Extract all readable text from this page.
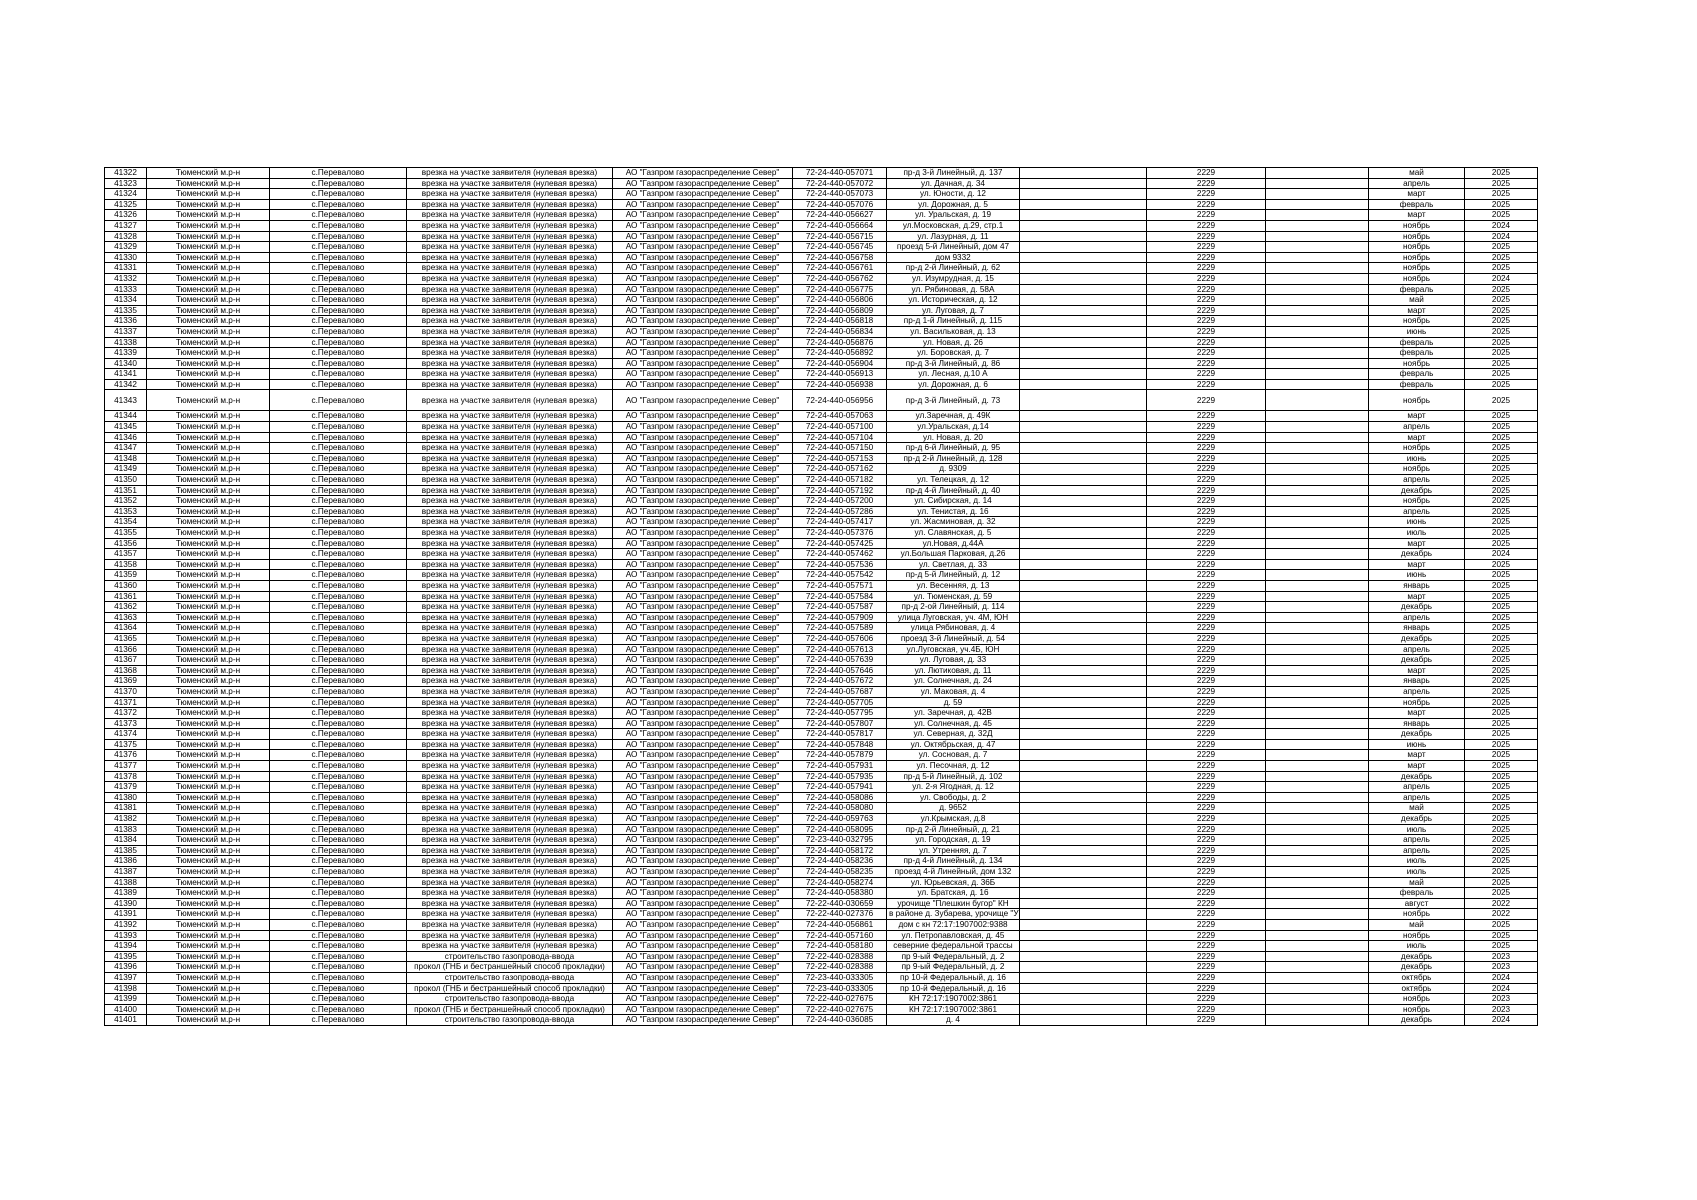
41322	Тюменский м.р-н	с.Перевалово	врезка на участке заявителя (нулевая врезка)	АО "Газпром газораспределение Север"	72-24-440-057071	пр-д 3-й Линейный, д. 137		2229		май	2025
41323	Тюменский м.р-н	с.Перевалово	врезка на участке заявителя (нулевая врезка)	АО "Газпром газораспределение Север"	72-24-440-057072	ул. Дачная, д. 34		2229		апрель	2025
41324	Тюменский м.р-н	с.Перевалово	врезка на участке заявителя (нулевая врезка)	АО "Газпром газораспределение Север"	72-24-440-057073	ул. Юности, д. 12		2229		март	2025
41325	Тюменский м.р-н	с.Перевалово	врезка на участке заявителя (нулевая врезка)	АО "Газпром газораспределение Север"	72-24-440-057076	ул. Дорожная, д. 5		2229		февраль	2025
41326	Тюменский м.р-н	с.Перевалово	врезка на участке заявителя (нулевая врезка)	АО "Газпром газораспределение Север"	72-24-440-056627	ул. Уральская, д. 19		2229		март	2025
41327	Тюменский м.р-н	с.Перевалово	врезка на участке заявителя (нулевая врезка)	АО "Газпром газораспределение Север"	72-24-440-056664	ул.Московская, д.29, стр.1		2229		ноябрь	2024
41328	Тюменский м.р-н	с.Перевалово	врезка на участке заявителя (нулевая врезка)	АО "Газпром газораспределение Север"	72-24-440-056715	ул. Лазурная, д. 11		2229		ноябрь	2024
41329	Тюменский м.р-н	с.Перевалово	врезка на участке заявителя (нулевая врезка)	АО "Газпром газораспределение Север"	72-24-440-056745	проезд 5-й Линейный, дом 47		2229		ноябрь	2025
41330	Тюменский м.р-н	с.Перевалово	врезка на участке заявителя (нулевая врезка)	АО "Газпром газораспределение Север"	72-24-440-056758	дом 9332		2229		ноябрь	2025
41331	Тюменский м.р-н	с.Перевалово	врезка на участке заявителя (нулевая врезка)	АО "Газпром газораспределение Север"	72-24-440-056761	пр-д 2-й Линейный, д. 62		2229		ноябрь	2025
41332	Тюменский м.р-н	с.Перевалово	врезка на участке заявителя (нулевая врезка)	АО "Газпром газораспределение Север"	72-24-440-056762	ул. Изумрудная, д. 15		2229		ноябрь	2024
41333	Тюменский м.р-н	с.Перевалово	врезка на участке заявителя (нулевая врезка)	АО "Газпром газораспределение Север"	72-24-440-056775	ул. Рябиновая, д. 58А		2229		февраль	2025
41334	Тюменский м.р-н	с.Перевалово	врезка на участке заявителя (нулевая врезка)	АО "Газпром газораспределение Север"	72-24-440-056806	ул. Историческая, д. 12		2229		май	2025
41335	Тюменский м.р-н	с.Перевалово	врезка на участке заявителя (нулевая врезка)	АО "Газпром газораспределение Север"	72-24-440-056809	ул. Луговая, д. 7		2229		март	2025
41336	Тюменский м.р-н	с.Перевалово	врезка на участке заявителя (нулевая врезка)	АО "Газпром газораспределение Север"	72-24-440-056818	пр-д 1-й Линейный, д. 115		2229		ноябрь	2025
41337	Тюменский м.р-н	с.Перевалово	врезка на участке заявителя (нулевая врезка)	АО "Газпром газораспределение Север"	72-24-440-056834	ул. Васильковая, д. 13		2229		июнь	2025
41338	Тюменский м.р-н	с.Перевалово	врезка на участке заявителя (нулевая врезка)	АО "Газпром газораспределение Север"	72-24-440-056876	ул. Новая, д. 26		2229		февраль	2025
41339	Тюменский м.р-н	с.Перевалово	врезка на участке заявителя (нулевая врезка)	АО "Газпром газораспределение Север"	72-24-440-056892	ул. Боровская, д. 7		2229		февраль	2025
41340	Тюменский м.р-н	с.Перевалово	врезка на участке заявителя (нулевая врезка)	АО "Газпром газораспределение Север"	72-24-440-056904	пр-д 3-й Линейный, д. 86		2229		ноябрь	2025
41341	Тюменский м.р-н	с.Перевалово	врезка на участке заявителя (нулевая врезка)	АО "Газпром газораспределение Север"	72-24-440-056913	ул. Лесная, д.10 А		2229		февраль	2025
41342	Тюменский м.р-н	с.Перевалово	врезка на участке заявителя (нулевая врезка)	АО "Газпром газораспределение Север"	72-24-440-056938	ул. Дорожная, д. 6		2229		февраль	2025
41343	Тюменский м.р-н	с.Перевалово	врезка на участке заявителя (нулевая врезка)	АО "Газпром газораспределение Север"	72-24-440-056956	пр-д 3-й Линейный, д. 73		2229		ноябрь	2025
41344	Тюменский м.р-н	с.Перевалово	врезка на участке заявителя (нулевая врезка)	АО "Газпром газораспределение Север"	72-24-440-057063	ул.Заречная, д. 49К		2229		март	2025
41345	Тюменский м.р-н	с.Перевалово	врезка на участке заявителя (нулевая врезка)	АО "Газпром газораспределение Север"	72-24-440-057100	ул.Уральская, д.14		2229		апрель	2025
41346	Тюменский м.р-н	с.Перевалово	врезка на участке заявителя (нулевая врезка)	АО "Газпром газораспределение Север"	72-24-440-057104	ул. Новая, д. 20		2229		март	2025
41347	Тюменский м.р-н	с.Перевалово	врезка на участке заявителя (нулевая врезка)	АО "Газпром газораспределение Север"	72-24-440-057150	пр-д 6-й Линейный, д. 95		2229		ноябрь	2025
41348	Тюменский м.р-н	с.Перевалово	врезка на участке заявителя (нулевая врезка)	АО "Газпром газораспределение Север"	72-24-440-057153	пр-д 2-й Линейный, д. 128		2229		июнь	2025
41349	Тюменский м.р-н	с.Перевалово	врезка на участке заявителя (нулевая врезка)	АО "Газпром газораспределение Север"	72-24-440-057162	д. 9309		2229		ноябрь	2025
41350	Тюменский м.р-н	с.Перевалово	врезка на участке заявителя (нулевая врезка)	АО "Газпром газораспределение Север"	72-24-440-057182	ул. Телецкая, д. 12		2229		апрель	2025
41351	Тюменский м.р-н	с.Перевалово	врезка на участке заявителя (нулевая врезка)	АО "Газпром газораспределение Север"	72-24-440-057192	пр-д 4-й Линейный, д. 40		2229		декабрь	2025
41352	Тюменский м.р-н	с.Перевалово	врезка на участке заявителя (нулевая врезка)	АО "Газпром газораспределение Север"	72-24-440-057200	ул. Сибирская, д. 14		2229		ноябрь	2025
41353	Тюменский м.р-н	с.Перевалово	врезка на участке заявителя (нулевая врезка)	АО "Газпром газораспределение Север"	72-24-440-057286	ул. Тенистая, д. 16		2229		апрель	2025
41354	Тюменский м.р-н	с.Перевалово	врезка на участке заявителя (нулевая врезка)	АО "Газпром газораспределение Север"	72-24-440-057417	ул. Жасминовая, д. 32		2229		июнь	2025
41355	Тюменский м.р-н	с.Перевалово	врезка на участке заявителя (нулевая врезка)	АО "Газпром газораспределение Север"	72-24-440-057376	ул. Славянская, д. 5		2229		июль	2025
41356	Тюменский м.р-н	с.Перевалово	врезка на участке заявителя (нулевая врезка)	АО "Газпром газораспределение Север"	72-24-440-057425	ул.Новая, д.44А		2229		март	2025
41357	Тюменский м.р-н	с.Перевалово	врезка на участке заявителя (нулевая врезка)	АО "Газпром газораспределение Север"	72-24-440-057462	ул.Большая Парковая, д.26		2229		декабрь	2024
41358	Тюменский м.р-н	с.Перевалово	врезка на участке заявителя (нулевая врезка)	АО "Газпром газораспределение Север"	72-24-440-057536	ул. Светлая, д. 33		2229		март	2025
41359	Тюменский м.р-н	с.Перевалово	врезка на участке заявителя (нулевая врезка)	АО "Газпром газораспределение Север"	72-24-440-057542	пр-д 5-й Линейный, д. 12		2229		июнь	2025
41360	Тюменский м.р-н	с.Перевалово	врезка на участке заявителя (нулевая врезка)	АО "Газпром газораспределение Север"	72-24-440-057571	ул. Весенняя, д. 13		2229		январь	2025
41361	Тюменский м.р-н	с.Перевалово	врезка на участке заявителя (нулевая врезка)	АО "Газпром газораспределение Север"	72-24-440-057584	ул. Тюменская, д. 59		2229		март	2025
41362	Тюменский м.р-н	с.Перевалово	врезка на участке заявителя (нулевая врезка)	АО "Газпром газораспределение Север"	72-24-440-057587	пр-д 2-ой Линейный, д. 114		2229		декабрь	2025
41363	Тюменский м.р-н	с.Перевалово	врезка на участке заявителя (нулевая врезка)	АО "Газпром газораспределение Север"	72-24-440-057909	улица Луговская, уч. 4М, ЮН		2229		апрель	2025
41364	Тюменский м.р-н	с.Перевалово	врезка на участке заявителя (нулевая врезка)	АО "Газпром газораспределение Север"	72-24-440-057589	улица Рябиновая, д. 4		2229		январь	2025
41365	Тюменский м.р-н	с.Перевалово	врезка на участке заявителя (нулевая врезка)	АО "Газпром газораспределение Север"	72-24-440-057606	проезд 3-й Линейный, д. 54		2229		декабрь	2025
41366	Тюменский м.р-н	с.Перевалово	врезка на участке заявителя (нулевая врезка)	АО "Газпром газораспределение Север"	72-24-440-057613	ул.Луговская, уч.4Б, ЮН		2229		апрель	2025
41367	Тюменский м.р-н	с.Перевалово	врезка на участке заявителя (нулевая врезка)	АО "Газпром газораспределение Север"	72-24-440-057639	ул. Луговая, д. 33		2229		декабрь	2025
41368	Тюменский м.р-н	с.Перевалово	врезка на участке заявителя (нулевая врезка)	АО "Газпром газораспределение Север"	72-24-440-057646	ул. Лютиковая, д. 11		2229		март	2025
41369	Тюменский м.р-н	с.Перевалово	врезка на участке заявителя (нулевая врезка)	АО "Газпром газораспределение Север"	72-24-440-057672	ул. Солнечная, д. 24		2229		январь	2025
41370	Тюменский м.р-н	с.Перевалово	врезка на участке заявителя (нулевая врезка)	АО "Газпром газораспределение Север"	72-24-440-057687	ул. Маковая, д. 4		2229		апрель	2025
41371	Тюменский м.р-н	с.Перевалово	врезка на участке заявителя (нулевая врезка)	АО "Газпром газораспределение Север"	72-24-440-057705	д. 59		2229		ноябрь	2025
41372	Тюменский м.р-н	с.Перевалово	врезка на участке заявителя (нулевая врезка)	АО "Газпром газораспределение Север"	72-24-440-057795	ул. Заречная, д. 42В		2229		март	2025
41373	Тюменский м.р-н	с.Перевалово	врезка на участке заявителя (нулевая врезка)	АО "Газпром газораспределение Север"	72-24-440-057807	ул. Солнечная, д. 45		2229		январь	2025
41374	Тюменский м.р-н	с.Перевалово	врезка на участке заявителя (нулевая врезка)	АО "Газпром газораспределение Север"	72-24-440-057817	ул. Северная, д. 32Д		2229		декабрь	2025
41375	Тюменский м.р-н	с.Перевалово	врезка на участке заявителя (нулевая врезка)	АО "Газпром газораспределение Север"	72-24-440-057848	ул. Октябрьская, д. 47		2229		июнь	2025
41376	Тюменский м.р-н	с.Перевалово	врезка на участке заявителя (нулевая врезка)	АО "Газпром газораспределение Север"	72-24-440-057879	ул. Сосновая, д. 7		2229		март	2025
41377	Тюменский м.р-н	с.Перевалово	врезка на участке заявителя (нулевая врезка)	АО "Газпром газораспределение Север"	72-24-440-057931	ул. Песочная, д. 12		2229		март	2025
41378	Тюменский м.р-н	с.Перевалово	врезка на участке заявителя (нулевая врезка)	АО "Газпром газораспределение Север"	72-24-440-057935	пр-д 5-й Линейный, д. 102		2229		декабрь	2025
41379	Тюменский м.р-н	с.Перевалово	врезка на участке заявителя (нулевая врезка)	АО "Газпром газораспределение Север"	72-24-440-057941	ул. 2-я Ягодная, д. 12		2229		апрель	2025
41380	Тюменский м.р-н	с.Перевалово	врезка на участке заявителя (нулевая врезка)	АО "Газпром газораспределение Север"	72-24-440-058086	ул. Свободы, д. 2		2229		апрель	2025
41381	Тюменский м.р-н	с.Перевалово	врезка на участке заявителя (нулевая врезка)	АО "Газпром газораспределение Север"	72-24-440-058080	д. 9652		2229		май	2025
41382	Тюменский м.р-н	с.Перевалово	врезка на участке заявителя (нулевая врезка)	АО "Газпром газораспределение Север"	72-24-440-059763	ул.Крымская, д.8		2229		декабрь	2025
41383	Тюменский м.р-н	с.Перевалово	врезка на участке заявителя (нулевая врезка)	АО "Газпром газораспределение Север"	72-24-440-058095	пр-д 2-й Линейный, д. 21		2229		июль	2025
41384	Тюменский м.р-н	с.Перевалово	врезка на участке заявителя (нулевая врезка)	АО "Газпром газораспределение Север"	72-23-440-032795	ул. Городская, д. 19		2229		апрель	2025
41385	Тюменский м.р-н	с.Перевалово	врезка на участке заявителя (нулевая врезка)	АО "Газпром газораспределение Север"	72-24-440-058172	ул. Утренняя, д. 7		2229		апрель	2025
41386	Тюменский м.р-н	с.Перевалово	врезка на участке заявителя (нулевая врезка)	АО "Газпром газораспределение Север"	72-24-440-058236	пр-д 4-й Линейный, д. 134		2229		июль	2025
41387	Тюменский м.р-н	с.Перевалово	врезка на участке заявителя (нулевая врезка)	АО "Газпром газораспределение Север"	72-24-440-058235	проезд 4-й Линейный, дом 132		2229		июль	2025
41388	Тюменский м.р-н	с.Перевалово	врезка на участке заявителя (нулевая врезка)	АО "Газпром газораспределение Север"	72-24-440-058274	ул. Юрьевская, д. 36Б		2229		май	2025
41389	Тюменский м.р-н	с.Перевалово	врезка на участке заявителя (нулевая врезка)	АО "Газпром газораспределение Север"	72-24-440-058380	ул. Братская, д. 16		2229		февраль	2025
41390	Тюменский м.р-н	с.Перевалово	врезка на участке заявителя (нулевая врезка)	АО "Газпром газораспределение Север"	72-22-440-030659	урочище "Плешкин бугор" КН		2229		август	2022
41391	Тюменский м.р-н	с.Перевалово	врезка на участке заявителя (нулевая врезка)	АО "Газпром газораспределение Север"	72-22-440-027376	в районе д. Зубарева, урочище "У		2229		ноябрь	2022
41392	Тюменский м.р-н	с.Перевалово	врезка на участке заявителя (нулевая врезка)	АО "Газпром газораспределение Север"	72-24-440-056861	дом с кн 72:17:1907002:9388		2229		май	2025
41393	Тюменский м.р-н	с.Перевалово	врезка на участке заявителя (нулевая врезка)	АО "Газпром газораспределение Север"	72-24-440-057160	ул. Петропавловская, д. 45		2229		ноябрь	2025
41394	Тюменский м.р-н	с.Перевалово	врезка на участке заявителя (нулевая врезка)	АО "Газпром газораспределение Север"	72-24-440-058180	северние федеральной трассы		2229		июль	2025
41395	Тюменский м.р-н	с.Перевалово	строительство газопровода-ввода	АО "Газпром газораспределение Север"	72-22-440-028388	пр 9-ый Федеральный, д. 2		2229		декабрь	2023
41396	Тюменский м.р-н	с.Перевалово	прокол (ГНБ и бестраншейный способ прокладки)	АО "Газпром газораспределение Север"	72-22-440-028388	пр 9-ый Федеральный, д. 2		2229		декабрь	2023
41397	Тюменский м.р-н	с.Перевалово	строительство газопровода-ввода	АО "Газпром газораспределение Север"	72-23-440-033305	пр 10-й Федеральный, д. 16		2229		октябрь	2024
41398	Тюменский м.р-н	с.Перевалово	прокол (ГНБ и бестраншейный способ прокладки)	АО "Газпром газораспределение Север"	72-23-440-033305	пр 10-й Федеральный, д. 16		2229		октябрь	2024
41399	Тюменский м.р-н	с.Перевалово	строительство газопровода-ввода	АО "Газпром газораспределение Север"	72-22-440-027675	КН 72:17:1907002:3861		2229		ноябрь	2023
41400	Тюменский м.р-н	с.Перевалово	прокол (ГНБ и бестраншейный способ прокладки)	АО "Газпром газораспределение Север"	72-22-440-027675	КН 72:17:1907002:3861		2229		ноябрь	2023
41401	Тюменский м.р-н	с.Перевалово	строительство газопровода-ввода	АО "Газпром газораспределение Север"	72-24-440-036085	д. 4		2229		декабрь	2024
